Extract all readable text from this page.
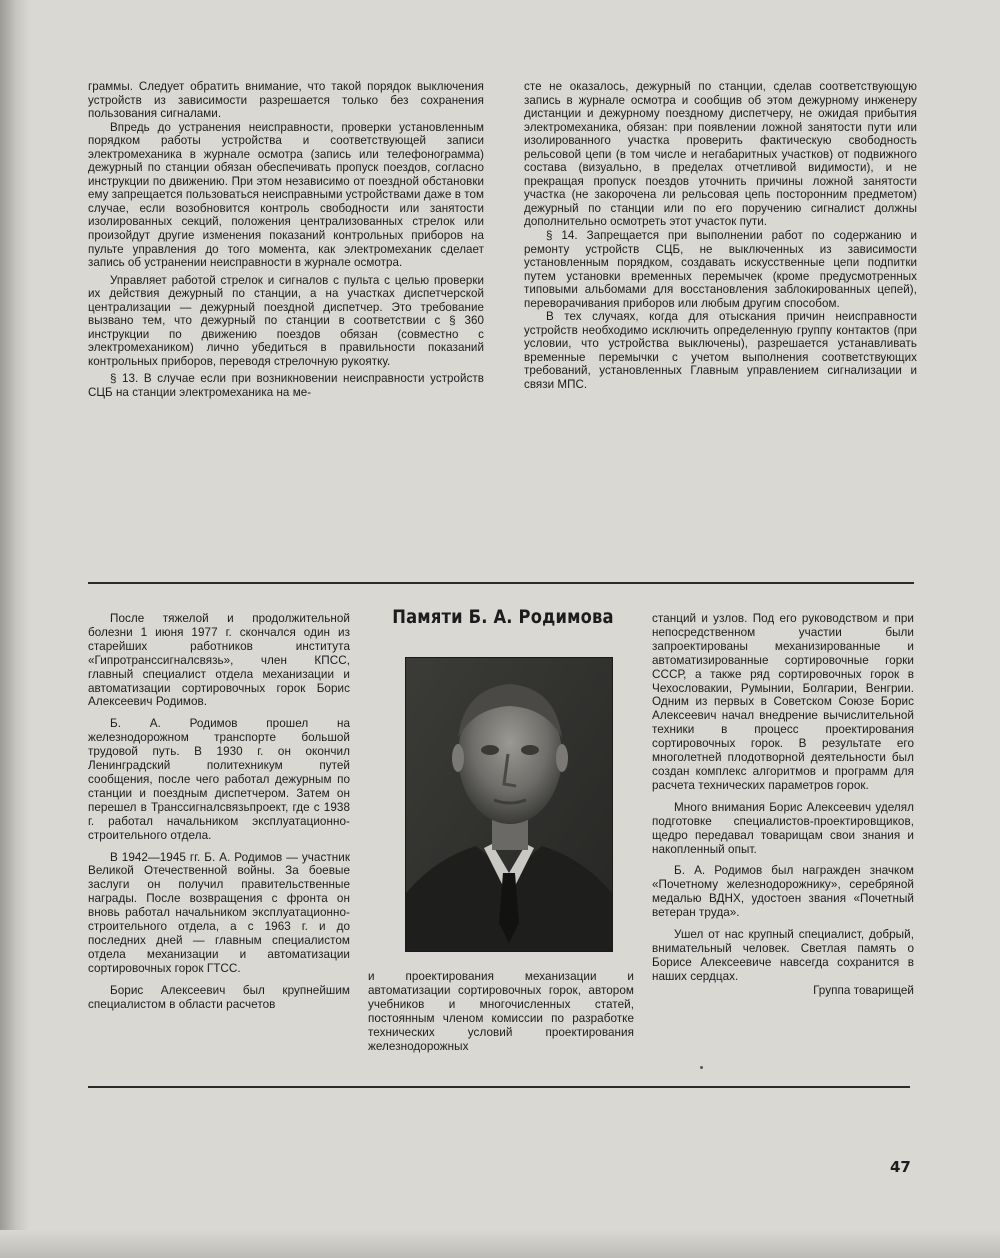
граммы. Следует обратить внимание, что такой порядок выключения устройств из зависимости разрешается только без сохранения пользования сигналами.

Впредь до устранения неисправности, проверки установленным порядком работы устройства и соответствующей записи электромеханика в журнале осмотра (запись или телефонограмма) дежурный по станции обязан обеспечивать пропуск поездов, согласно инструкции по движению. При этом независимо от поездной обстановки ему запрещается пользоваться неисправными устройствами даже в том случае, если возобновится контроль свободности или занятости изолированных секций, положения централизованных стрелок или произойдут другие изменения показаний контрольных приборов на пульте управления до того момента, как электромеханик сделает запись об устранении неисправности в журнале осмотра.

Управляет работой стрелок и сигналов с пульта с целью проверки их действия дежурный по станции, а на участках диспетчерской централизации — дежурный поездной диспетчер. Это требование вызвано тем, что дежурный по станции в соответствии с § 360 инструкции по движению поездов обязан (совместно с электромехаником) лично убедиться в правильности показаний контрольных приборов, переводя стрелочную рукоятку.

§ 13. В случае если при возникновении неисправности устройств СЦБ на станции электромеханика на ме-

сте не оказалось, дежурный по станции, сделав соответствующую запись в журнале осмотра и сообщив об этом дежурному инженеру дистанции и дежурному поездному диспетчеру, не ожидая прибытия электромеханика, обязан: при появлении ложной занятости пути или изолированного участка проверить фактическую свободность рельсовой цепи (в том числе и негабаритных участков) от подвижного состава (визуально, в пределах отчетливой видимости), и не прекращая пропуск поездов уточнить причины ложной занятости участка (не закорочена ли рельсовая цепь посторонним предметом) дежурный по станции или по его поручению сигналист должны дополнительно осмотреть этот участок пути.

§ 14. Запрещается при выполнении работ по содержанию и ремонту устройств СЦБ, не выключенных из зависимости установленным порядком, создавать искусственные цепи подпитки путем установки временных перемычек (кроме предусмотренных типовыми альбомами для восстановления заблокированных цепей), переворачивания приборов или любым другим способом.

В тех случаях, когда для отыскания причин неисправности устройств необходимо исключить определенную группу контактов (при условии, что устройства выключены), разрешается устанавливать временные перемычки с учетом выполнения соответствующих требований, установленных Главным управлением сигнализации и связи МПС.

После тяжелой и продолжительной болезни 1 июня 1977 г. скончался один из старейших работников института «Гипротранссигналсвязь», член КПСС, главный специалист отдела механизации и автоматизации сортировочных горок Борис Алексеевич Родимов.

Б. А. Родимов прошел на железнодорожном транспорте большой трудовой путь. В 1930 г. он окончил Ленинградский политехникум путей сообщения, после чего работал дежурным по станции и поездным диспетчером. Затем он перешел в Транссигналсвязьпроект, где с 1938 г. работал начальником эксплуатационно-строительного отдела.

В 1942—1945 гг. Б. А. Родимов — участник Великой Отечественной войны. За боевые заслуги он получил правительственные награды. После возвращения с фронта он вновь работал начальником эксплуатационно-строительного отдела, а с 1963 г. и до последних дней — главным специалистом отдела механизации и автоматизации сортировочных горок ГТСС.

Борис Алексеевич был крупнейшим специалистом в области расчетов

Памяти Б. А. Родимова

и проектирования механизации и автоматизации сортировочных горок, автором учебников и многочисленных статей, постоянным членом комиссии по разработке технических условий проектирования железнодорожных

станций и узлов. Под его руководством и при непосредственном участии были запроектированы механизированные и автоматизированные сортировочные горки СССР, а также ряд сортировочных горок в Чехословакии, Румынии, Болгарии, Венгрии. Одним из первых в Советском Союзе Борис Алексеевич начал внедрение вычислительной техники в процесс проектирования сортировочных горок. В результате его многолетней плодотворной деятельности был создан комплекс алгоритмов и программ для расчета технических параметров горок.

Много внимания Борис Алексеевич уделял подготовке специалистов-проектировщиков, щедро передавал товарищам свои знания и накопленный опыт.

Б. А. Родимов был награжден значком «Почетному железнодорожнику», серебряной медалью ВДНХ, удостоен звания «Почетный ветеран труда».

Ушел от нас крупный специалист, добрый, внимательный человек. Светлая память о Борисе Алексеевиче навсегда сохранится в наших сердцах.

Группа товарищей

47
